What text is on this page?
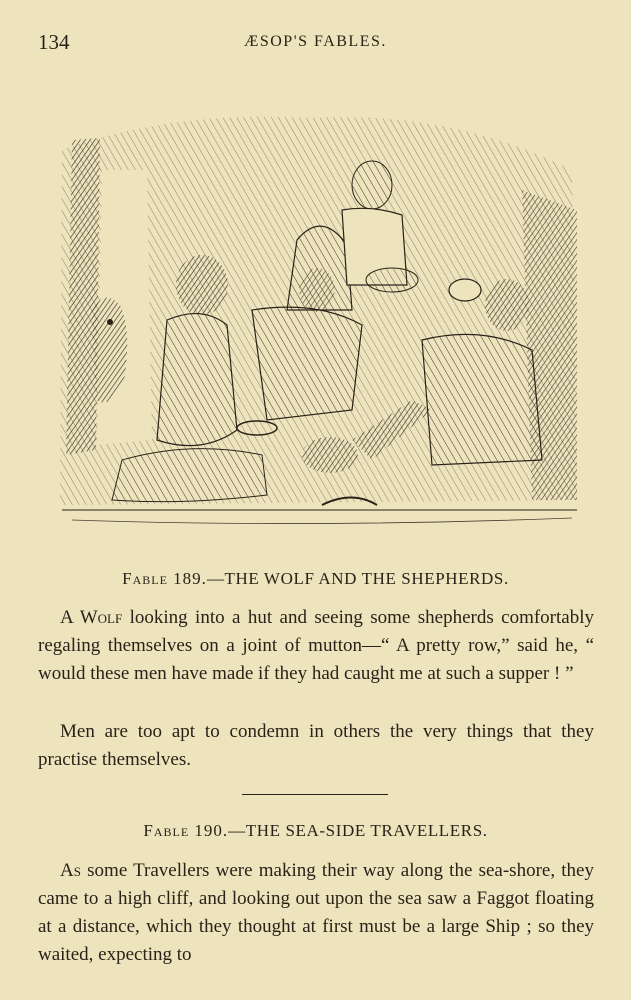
134	ÆSOP'S FABLES.
Fable 189.—THE WOLF AND THE SHEPHERDS.
A Wolf looking into a hut and seeing some shepherds comfortably regaling themselves on a joint of mutton—“ A pretty row,” said he, “ would these men have made if they had caught me at such a supper ! ”
Men are too apt to condemn in others the very things that they practise themselves.
Fable 190.—THE SEA-SIDE TRAVELLERS.
As some Travellers were making their way along the sea-shore, they came to a high cliff, and looking out upon the sea saw a Faggot floating at a distance, which they thought at first must be a large Ship ; so they waited, expecting to
